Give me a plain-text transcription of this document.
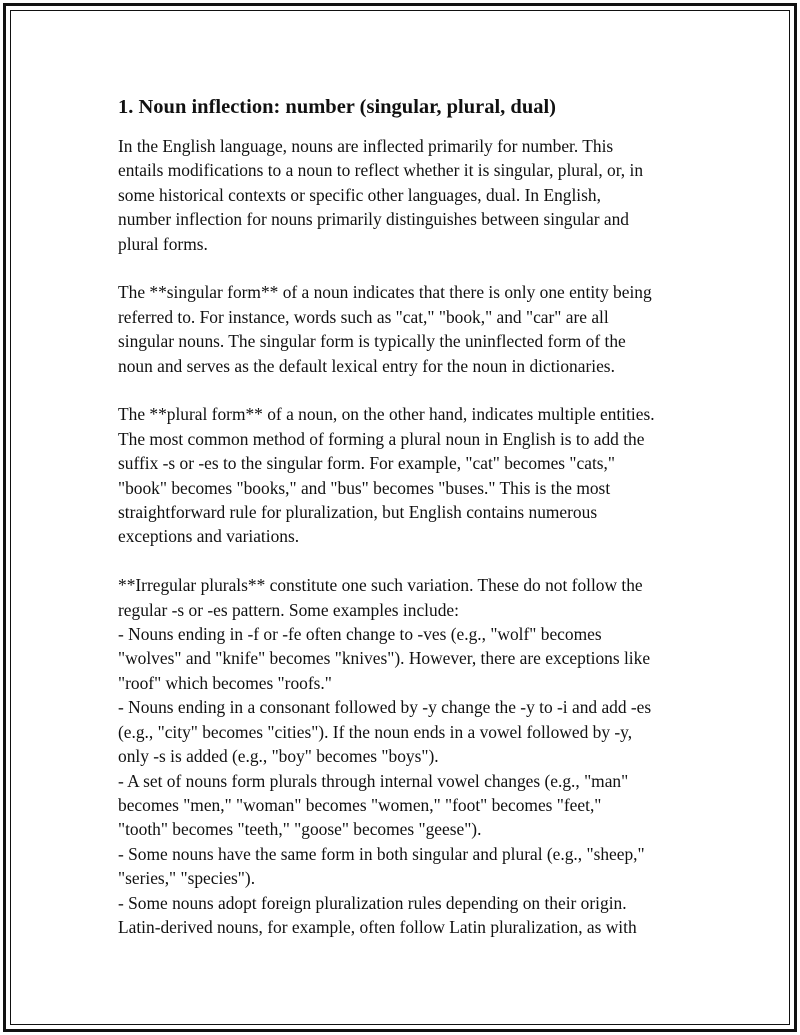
1. Noun inflection: number (singular, plural, dual)

In the English language, nouns are inflected primarily for number. This
entails modifications to a noun to reflect whether it is singular, plural, or, in
some historical contexts or specific other languages, dual. In English,
number inflection for nouns primarily distinguishes between singular and
plural forms.

The **singular form** of a noun indicates that there is only one entity being
referred to. For instance, words such as "cat," "book," and "car" are all
singular nouns. The singular form is typically the uninflected form of the
noun and serves as the default lexical entry for the noun in dictionaries.

The **plural form** of a noun, on the other hand, indicates multiple entities.
The most common method of forming a plural noun in English is to add the
suffix -s or -es to the singular form. For example, "cat" becomes "cats,"
"book" becomes "books," and "bus" becomes "buses." This is the most
straightforward rule for pluralization, but English contains numerous
exceptions and variations.

**Irregular plurals** constitute one such variation. These do not follow the
regular -s or -es pattern. Some examples include:
- Nouns ending in -f or -fe often change to -ves (e.g., "wolf" becomes
"wolves" and "knife" becomes "knives"). However, there are exceptions like
"roof" which becomes "roofs."
- Nouns ending in a consonant followed by -y change the -y to -i and add -es
(e.g., "city" becomes "cities"). If the noun ends in a vowel followed by -y,
only -s is added (e.g., "boy" becomes "boys").
- A set of nouns form plurals through internal vowel changes (e.g., "man"
becomes "men," "woman" becomes "women," "foot" becomes "feet,"
"tooth" becomes "teeth," "goose" becomes "geese").
- Some nouns have the same form in both singular and plural (e.g., "sheep,"
"series," "species").
- Some nouns adopt foreign pluralization rules depending on their origin.
Latin-derived nouns, for example, often follow Latin pluralization, as with
